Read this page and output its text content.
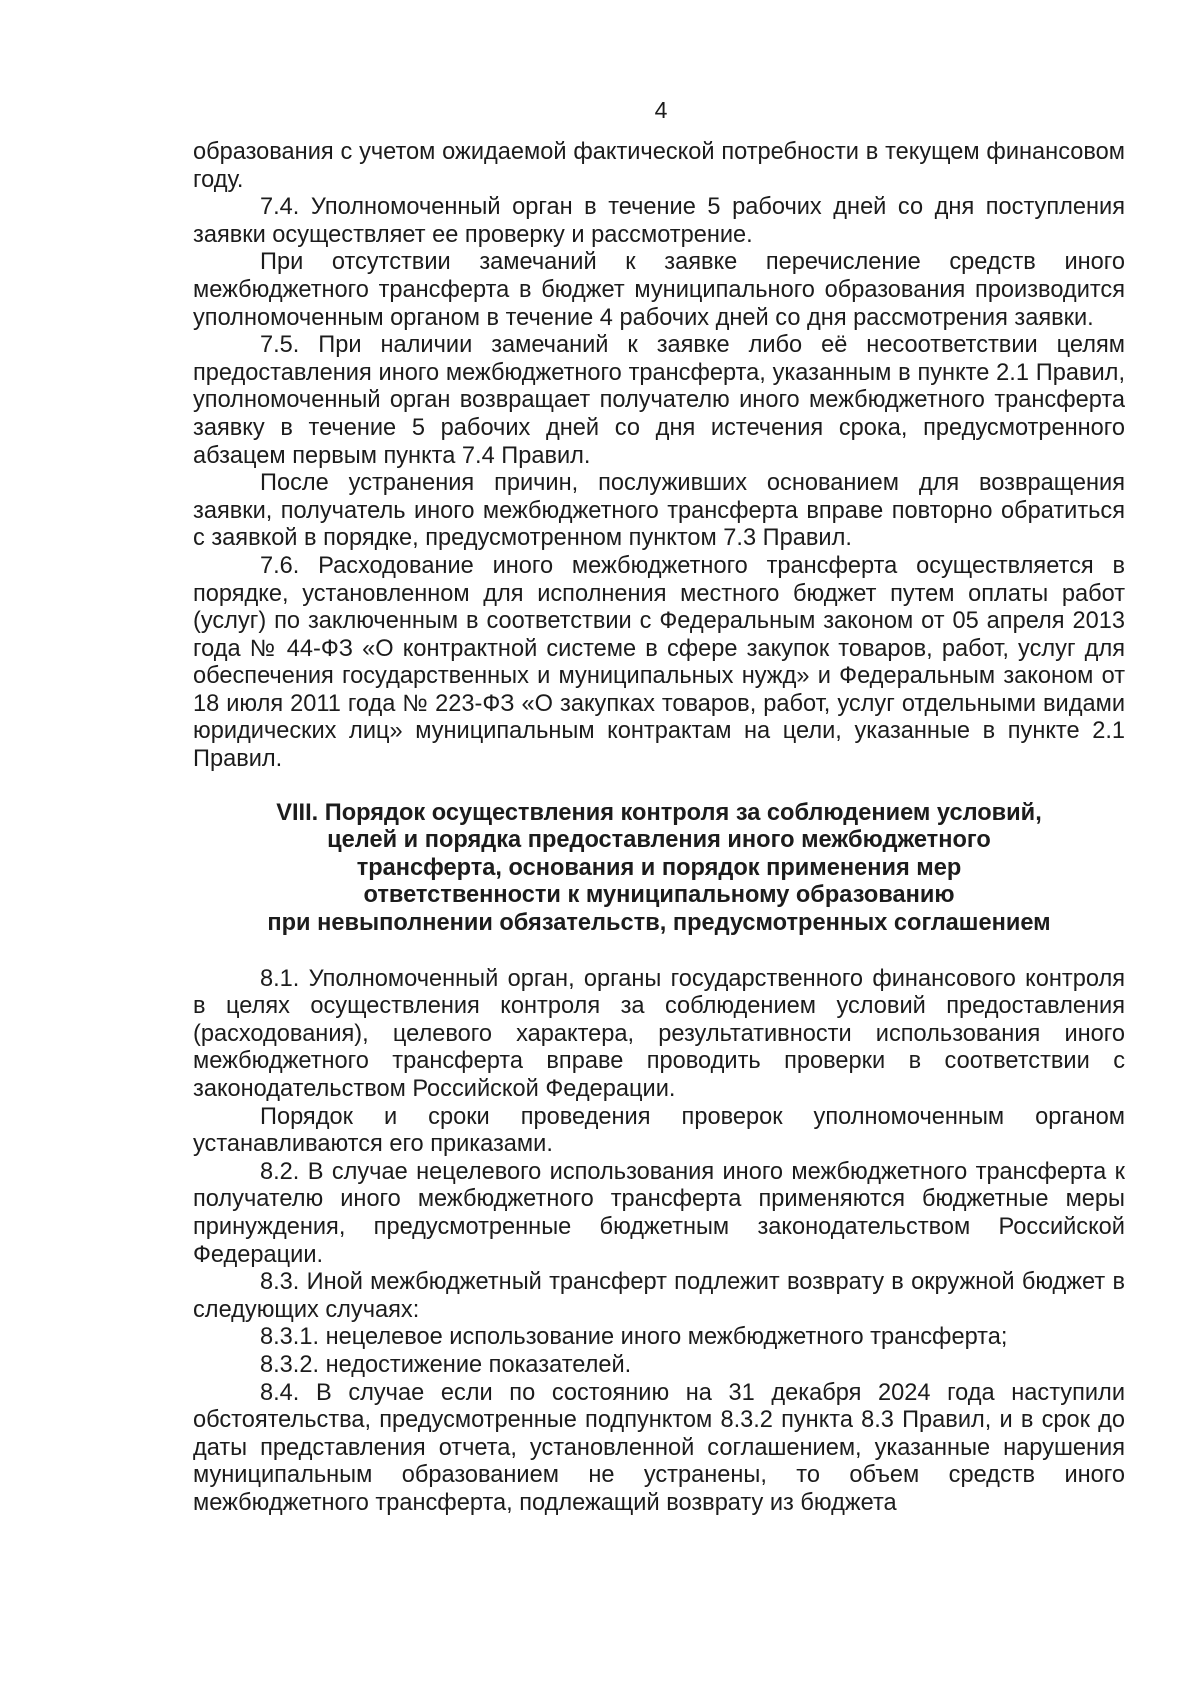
4

образования с учетом ожидаемой фактической потребности в текущем финансовом году.

7.4. Уполномоченный орган в течение 5 рабочих дней со дня поступления заявки осуществляет ее проверку и рассмотрение.

При отсутствии замечаний к заявке перечисление средств иного межбюджетного трансферта в бюджет муниципального образования производится уполномоченным органом в течение 4 рабочих дней со дня рассмотрения заявки.

7.5. При наличии замечаний к заявке либо её несоответствии целям предоставления иного межбюджетного трансферта, указанным в пункте 2.1 Правил, уполномоченный орган возвращает получателю иного межбюджетного трансферта заявку в течение 5 рабочих дней со дня истечения срока, предусмотренного абзацем первым пункта 7.4 Правил.

После устранения причин, послуживших основанием для возвращения заявки, получатель иного межбюджетного трансферта вправе повторно обратиться с заявкой в порядке, предусмотренном пунктом 7.3 Правил.

7.6. Расходование иного межбюджетного трансферта осуществляется в порядке, установленном для исполнения местного бюджет путем оплаты работ (услуг) по заключенным в соответствии с Федеральным законом от 05 апреля 2013 года № 44-ФЗ «О контрактной системе в сфере закупок товаров, работ, услуг для обеспечения государственных и муниципальных нужд» и Федеральным законом от 18 июля 2011 года № 223-ФЗ «О закупках товаров, работ, услуг отдельными видами юридических лиц» муниципальным контрактам на цели, указанные в пункте 2.1 Правил.

VIII. Порядок осуществления контроля за соблюдением условий,
целей и порядка предоставления иного межбюджетного
трансферта, основания и порядок применения мер
ответственности к муниципальному образованию
при невыполнении обязательств, предусмотренных соглашением

8.1. Уполномоченный орган, органы государственного финансового контроля в целях осуществления контроля за соблюдением условий предоставления (расходования), целевого характера, результативности использования иного межбюджетного трансферта вправе проводить проверки в соответствии с законодательством Российской Федерации.

Порядок и сроки проведения проверок уполномоченным органом устанавливаются его приказами.

8.2. В случае нецелевого использования иного межбюджетного трансферта к получателю иного межбюджетного трансферта применяются бюджетные меры принуждения, предусмотренные бюджетным законодательством Российской Федерации.

8.3. Иной межбюджетный трансферт подлежит возврату в окружной бюджет в следующих случаях:

8.3.1. нецелевое использование иного межбюджетного трансферта;

8.3.2. недостижение показателей.

8.4. В случае если по состоянию на 31 декабря 2024 года наступили обстоятельства, предусмотренные подпунктом 8.3.2 пункта 8.3 Правил, и в срок до даты представления отчета, установленной соглашением, указанные нарушения муниципальным образованием не устранены, то объем средств иного межбюджетного трансферта, подлежащий возврату из бюджета
